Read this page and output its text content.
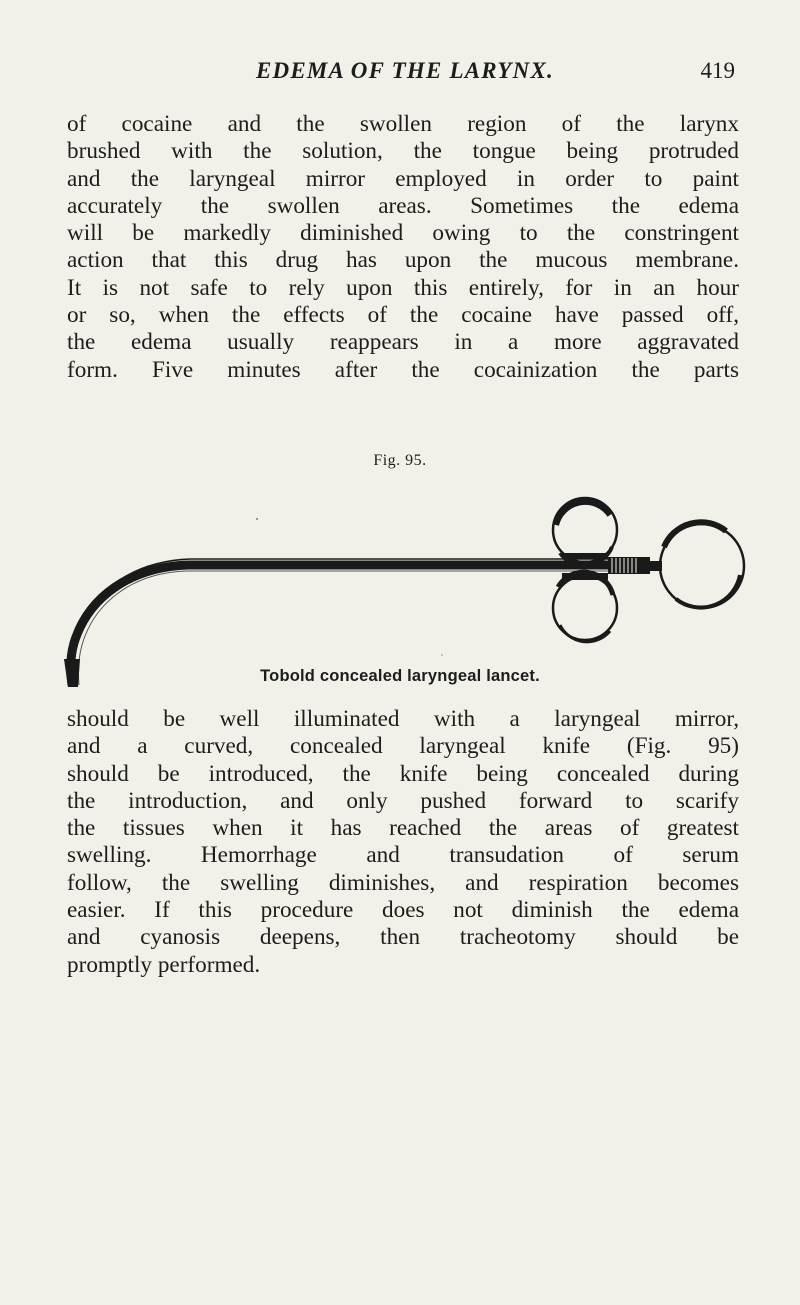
EDEMA OF THE LARYNX.	419
of cocaine and the swollen region of the larynx
brushed with the solution, the tongue being protruded
and the laryngeal mirror employed in order to paint
accurately the swollen areas. Sometimes the edema
will be markedly diminished owing to the constringent
action that this drug has upon the mucous membrane.
It is not safe to rely upon this entirely, for in an hour
or so, when the effects of the cocaine have passed off,
the edema usually reappears in a more aggravated
form. Five minutes after the cocainization the parts
Fig. 95.
Tobold concealed laryngeal lancet.
should be well illuminated with a laryngeal mirror,
and a curved, concealed laryngeal knife (Fig. 95)
should be introduced, the knife being concealed during
the introduction, and only pushed forward to scarify
the tissues when it has reached the areas of greatest
swelling. Hemorrhage and transudation of serum
follow, the swelling diminishes, and respiration becomes
easier. If this procedure does not diminish the edema
and cyanosis deepens, then tracheotomy should be
promptly performed.
